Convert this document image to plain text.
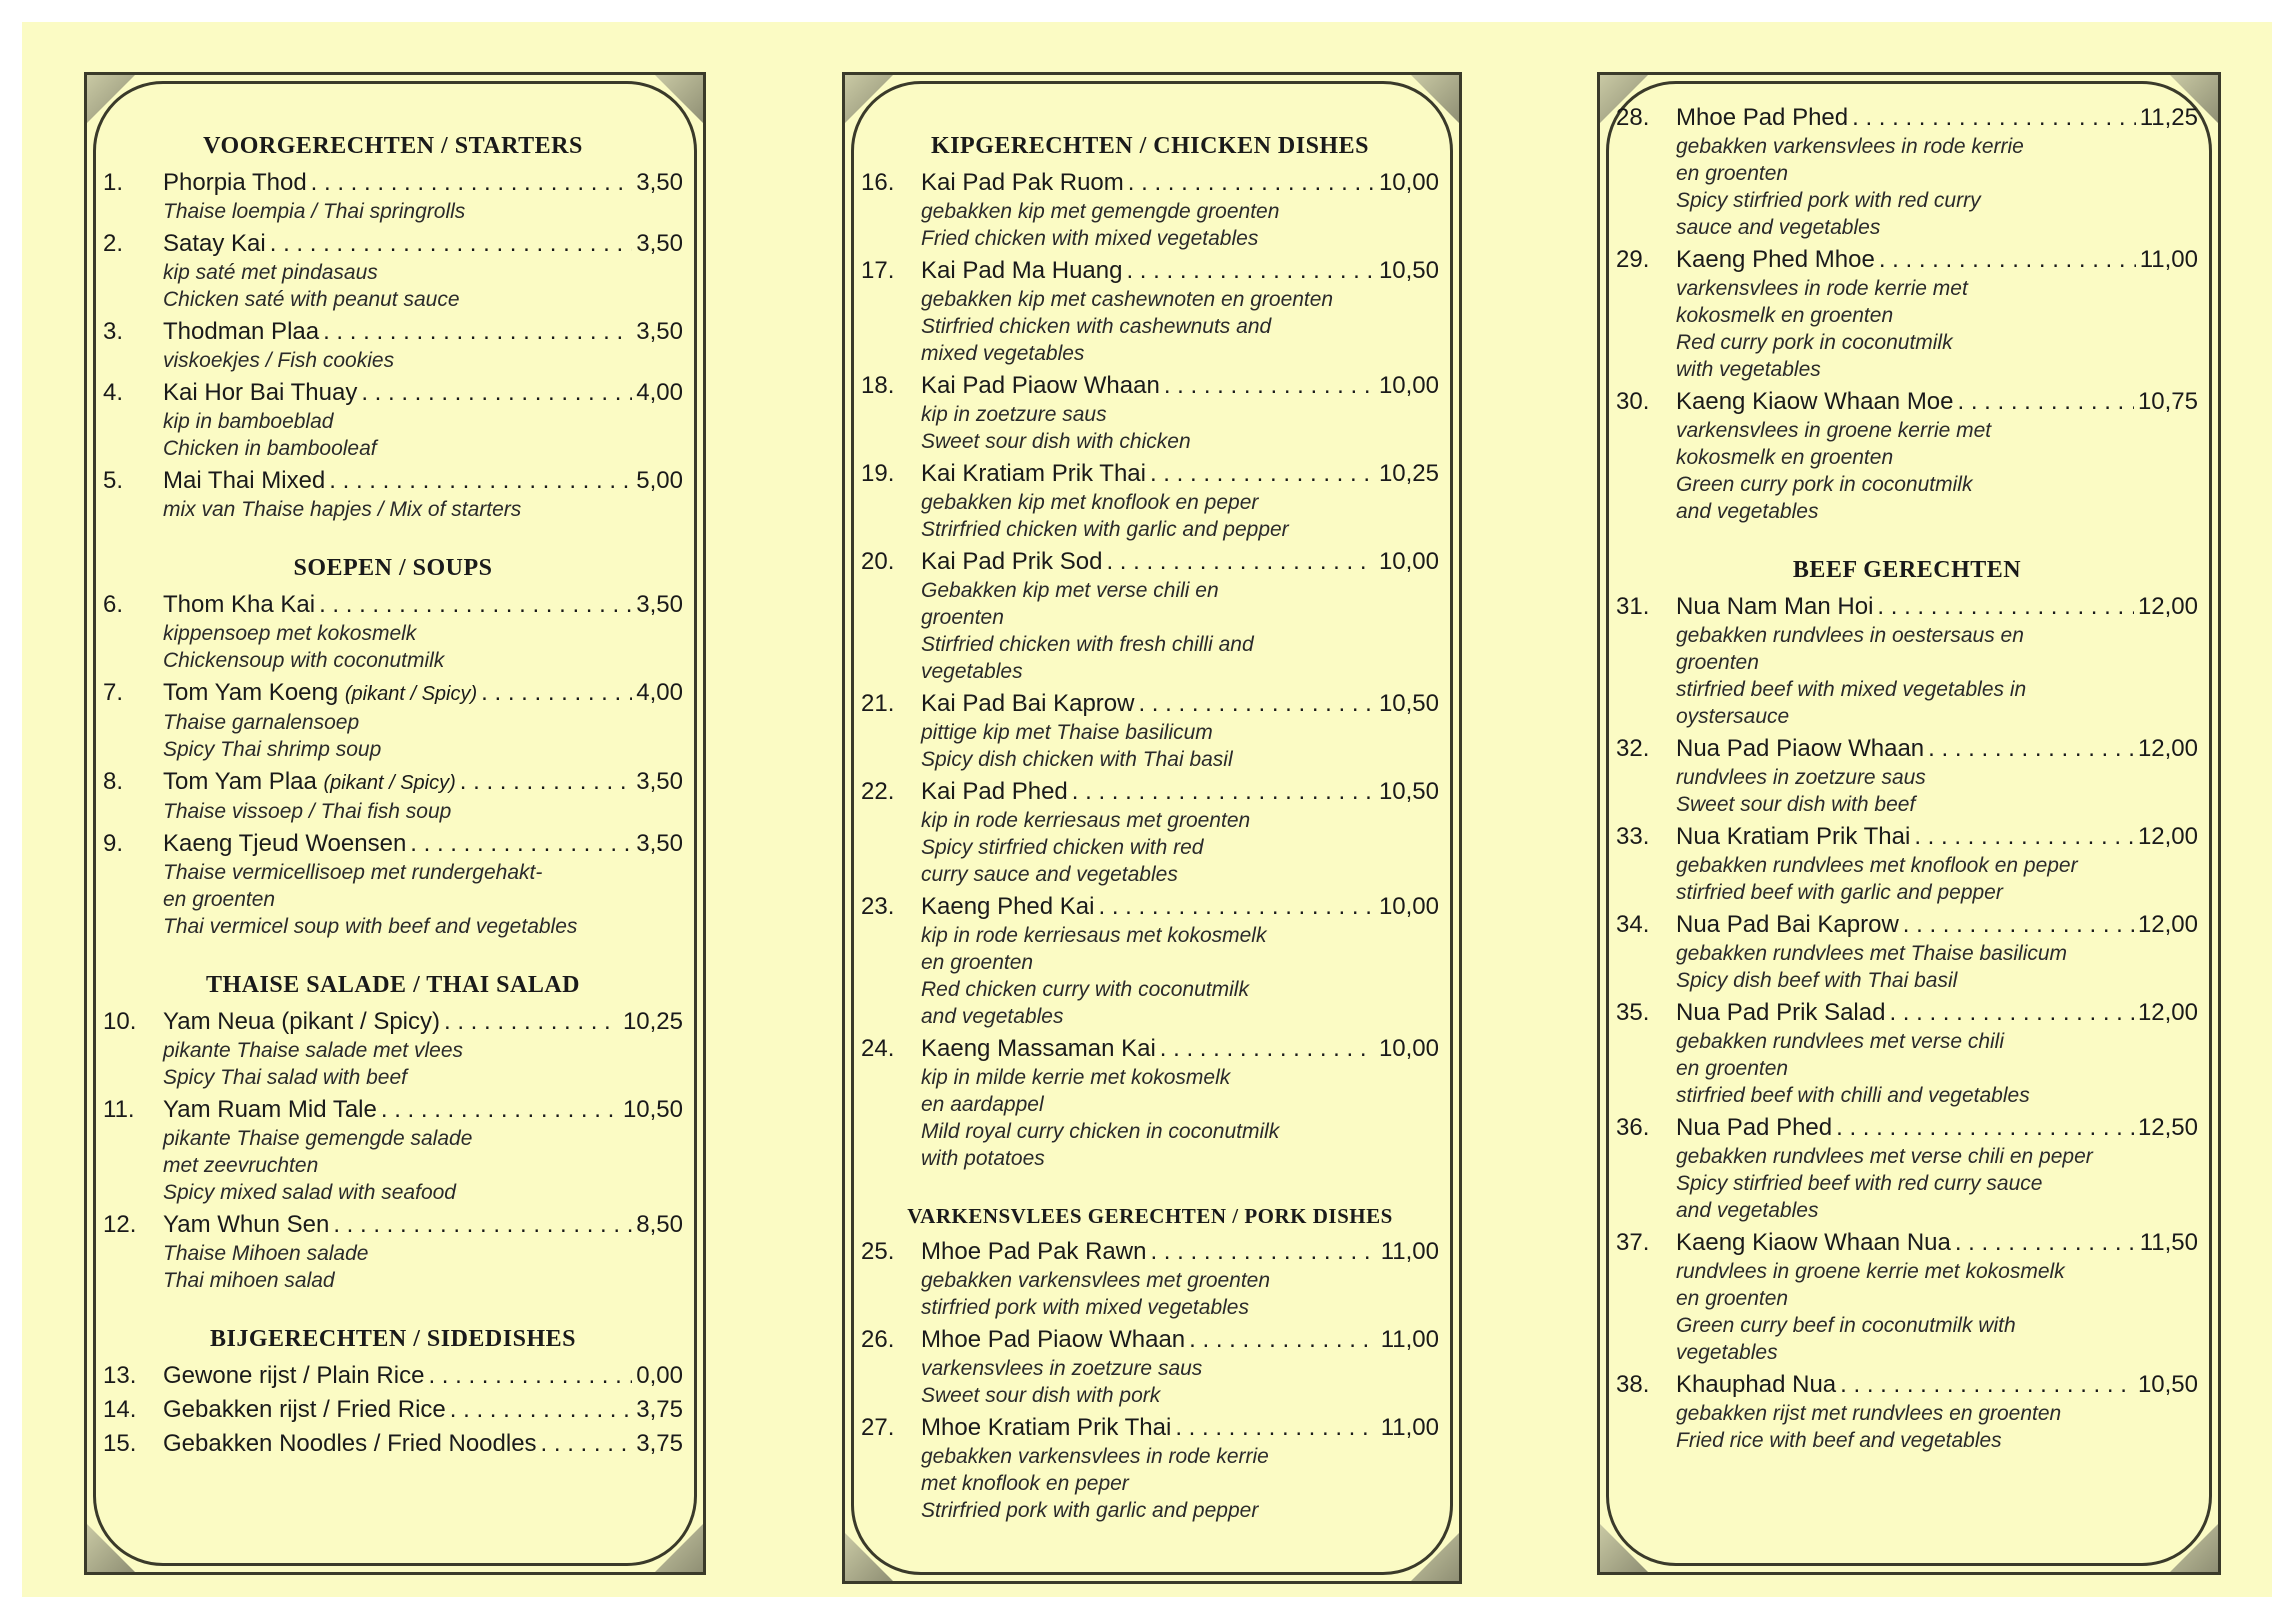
VOORGERECHTEN / STARTERS
1.	Phorpia Thod . . .	3,50
Thaise loempia / Thai springrolls
2.	Satay Kai . . .	3,50
kip saté met pindasaus
Chicken saté with peanut sauce
3.	Thodman Plaa . . .	3,50
viskoekjes / Fish cookies
4.	Kai Hor Bai Thuay . . .	4,00
kip in bamboeblad
Chicken in bambooleaf
5.	Mai Thai Mixed . . .	5,00
mix van Thaise hapjes / Mix of starters
SOEPEN / SOUPS
6.	Thom Kha Kai . . .	3,50
kippensoep met kokosmelk
Chickensoup with coconutmilk
7.	Tom Yam Koeng (pikant / Spicy) . . .	4,00
Thaise garnalensoep
Spicy Thai shrimp soup
8.	Tom Yam Plaa (pikant / Spicy) . . .	3,50
Thaise vissoep / Thai fish soup
9.	Kaeng Tjeud Woensen . . .	3,50
Thaise vermicellisoep met rundergehakt-
en groenten
Thai vermicel soup with beef and vegetables
THAISE SALADE / THAI SALAD
10.	Yam Neua (pikant / Spicy) . . .	10,25
pikante Thaise salade met vlees
Spicy Thai salad with beef
11.	Yam Ruam Mid Tale . . .	10,50
pikante Thaise gemengde salade
met zeevruchten
Spicy mixed salad with seafood
12.	Yam Whun Sen . . .	8,50
Thaise Mihoen salade
Thai mihoen salad
BIJGERECHTEN / SIDEDISHES
13.	Gewone rijst / Plain Rice . . .	0,00
14.	Gebakken rijst / Fried Rice . . .	3,75
15.	Gebakken Noodles / Fried Noodles . . .	3,75
KIPGERECHTEN / CHICKEN DISHES
16.	Kai Pad Pak Ruom . . .	10,00
gebakken kip met gemengde groenten
Fried chicken with mixed vegetables
17.	Kai Pad Ma Huang . . .	10,50
gebakken kip met cashewnoten en groenten
Stirfried chicken with cashewnuts and
mixed vegetables
18.	Kai Pad Piaow Whaan . . .	10,00
kip in zoetzure saus
Sweet sour dish with chicken
19.	Kai Kratiam Prik Thai . . .	10,25
gebakken kip met knoflook en peper
Strirfried chicken with garlic and pepper
20.	Kai Pad Prik Sod . . .	10,00
Gebakken kip met verse chili en
groenten
Stirfried chicken with fresh chilli and
vegetables
21.	Kai Pad Bai Kaprow . . .	10,50
pittige kip met Thaise basilicum
Spicy dish chicken with Thai basil
22.	Kai Pad Phed . . .	10,50
kip in rode kerriesaus met groenten
Spicy stirfried chicken with red
curry sauce and vegetables
23.	Kaeng Phed Kai . . .	10,00
kip in rode kerriesaus met kokosmelk
en groenten
Red chicken curry with coconutmilk
and vegetables
24.	Kaeng Massaman Kai . . .	10,00
kip in milde kerrie met kokosmelk
en aardappel
Mild royal curry chicken in coconutmilk
with potatoes
VARKENSVLEES GERECHTEN / PORK DISHES
25.	Mhoe Pad Pak Rawn . . .	11,00
gebakken varkensvlees met groenten
stirfried pork with mixed vegetables
26.	Mhoe Pad Piaow Whaan . . .	11,00
varkensvlees in zoetzure saus
Sweet sour dish with pork
27.	Mhoe Kratiam Prik Thai . . .	11,00
gebakken varkensvlees in rode kerrie
met knoflook en peper
Strirfried pork with garlic and pepper
28.	Mhoe Pad Phed . . .	11,25
gebakken varkensvlees in rode kerrie
en groenten
Spicy stirfried pork with red curry
sauce and vegetables
29.	Kaeng Phed Mhoe . . .	11,00
varkensvlees in rode kerrie met
kokosmelk en groenten
Red curry pork in coconutmilk
with vegetables
30.	Kaeng Kiaow Whaan Moe . . .	10,75
varkensvlees in groene kerrie met
kokosmelk en groenten
Green curry pork in coconutmilk
and vegetables
BEEF GERECHTEN
31.	Nua Nam Man Hoi . . .	12,00
gebakken rundvlees in oestersaus en
groenten
stirfried beef with mixed vegetables in
oystersauce
32.	Nua Pad Piaow Whaan . . .	12,00
rundvlees in zoetzure saus
Sweet sour dish with beef
33.	Nua Kratiam Prik Thai . . .	12,00
gebakken rundvlees met knoflook en peper
stirfried beef with garlic and pepper
34.	Nua Pad Bai Kaprow . . .	12,00
gebakken rundvlees met Thaise basilicum
Spicy dish beef with Thai basil
35.	Nua Pad Prik Salad . . .	12,00
gebakken rundvlees met verse chili
en groenten
stirfried beef with chilli and vegetables
36.	Nua Pad Phed . . .	12,50
gebakken rundvlees met verse chili en peper
Spicy stirfried beef with red curry sauce
and vegetables
37.	Kaeng Kiaow Whaan Nua . . .	11,50
rundvlees in groene kerrie met kokosmelk
en groenten
Green curry beef in coconutmilk with
vegetables
38.	Khauphad Nua . . .	10,50
gebakken rijst met rundvlees en groenten
Fried rice with beef and vegetables
